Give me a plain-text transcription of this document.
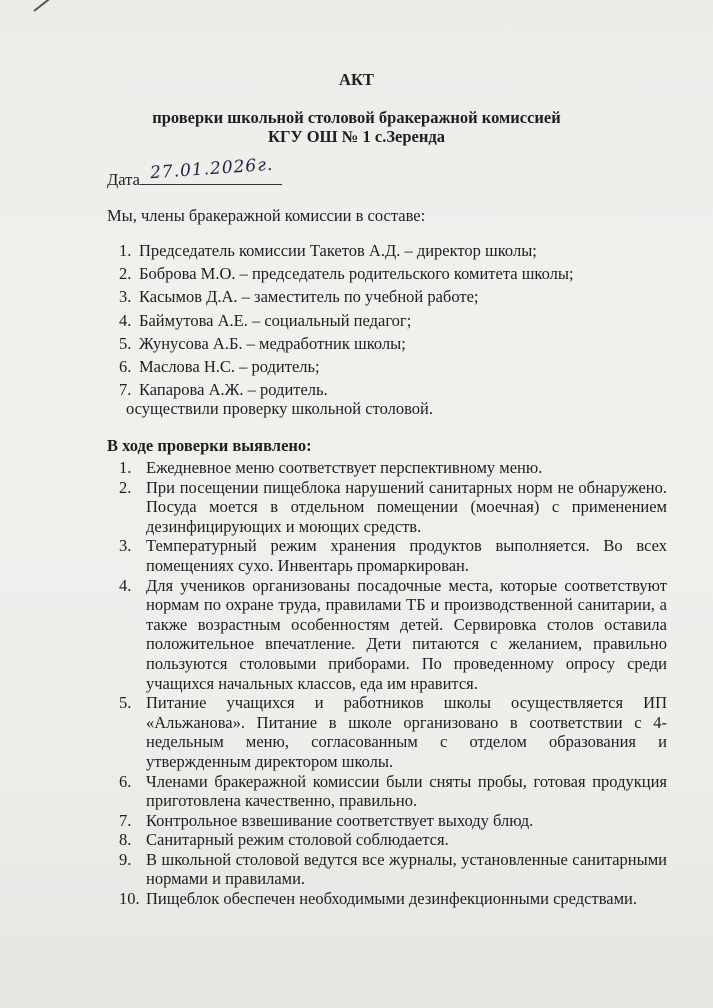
АКТ
проверки школьной столовой бракеражной комиссией
КГУ ОШ № 1 с.Зеренда
Дата 27.01.2026г.
Мы, члены бракеражной комиссии в составе:
1. Председатель комиссии Такетов А.Д. – директор школы;
2. Боброва М.О. – председатель родительского комитета школы;
3. Касымов Д.А. – заместитель по учебной работе;
4. Баймутова А.Е. – социальный педагог;
5. Жунусова А.Б. – медработник школы;
6. Маслова Н.С. – родитель;
7. Капарова А.Ж. – родитель.
осуществили проверку школьной столовой.
В ходе проверки выявлено:
1. Ежедневное меню соответствует перспективному меню.
2. При посещении пищеблока нарушений санитарных норм не обнаружено. Посуда моется в отдельном помещении (моечная) с применением дезинфицирующих и моющих средств.
3. Температурный режим хранения продуктов выполняется. Во всех помещениях сухо. Инвентарь промаркирован.
4. Для учеников организованы посадочные места, которые соответствуют нормам по охране труда, правилами ТБ и производственной санитарии, а также возрастным особенностям детей. Сервировка столов оставила положительное впечатление. Дети питаются с желанием, правильно пользуются столовыми приборами. По проведенному опросу среди учащихся начальных классов, еда им нравится.
5. Питание учащихся и работников школы осуществляется ИП «Альжанова». Питание в школе организовано в соответствии с 4-недельным меню, согласованным с отделом образования и утвержденным директором школы.
6. Членами бракеражной комиссии были сняты пробы, готовая продукция приготовлена качественно, правильно.
7. Контрольное взвешивание соответствует выходу блюд.
8. Санитарный режим столовой соблюдается.
9. В школьной столовой ведутся все журналы, установленные санитарными нормами и правилами.
10. Пищеблок обеспечен необходимыми дезинфекционными средствами.
